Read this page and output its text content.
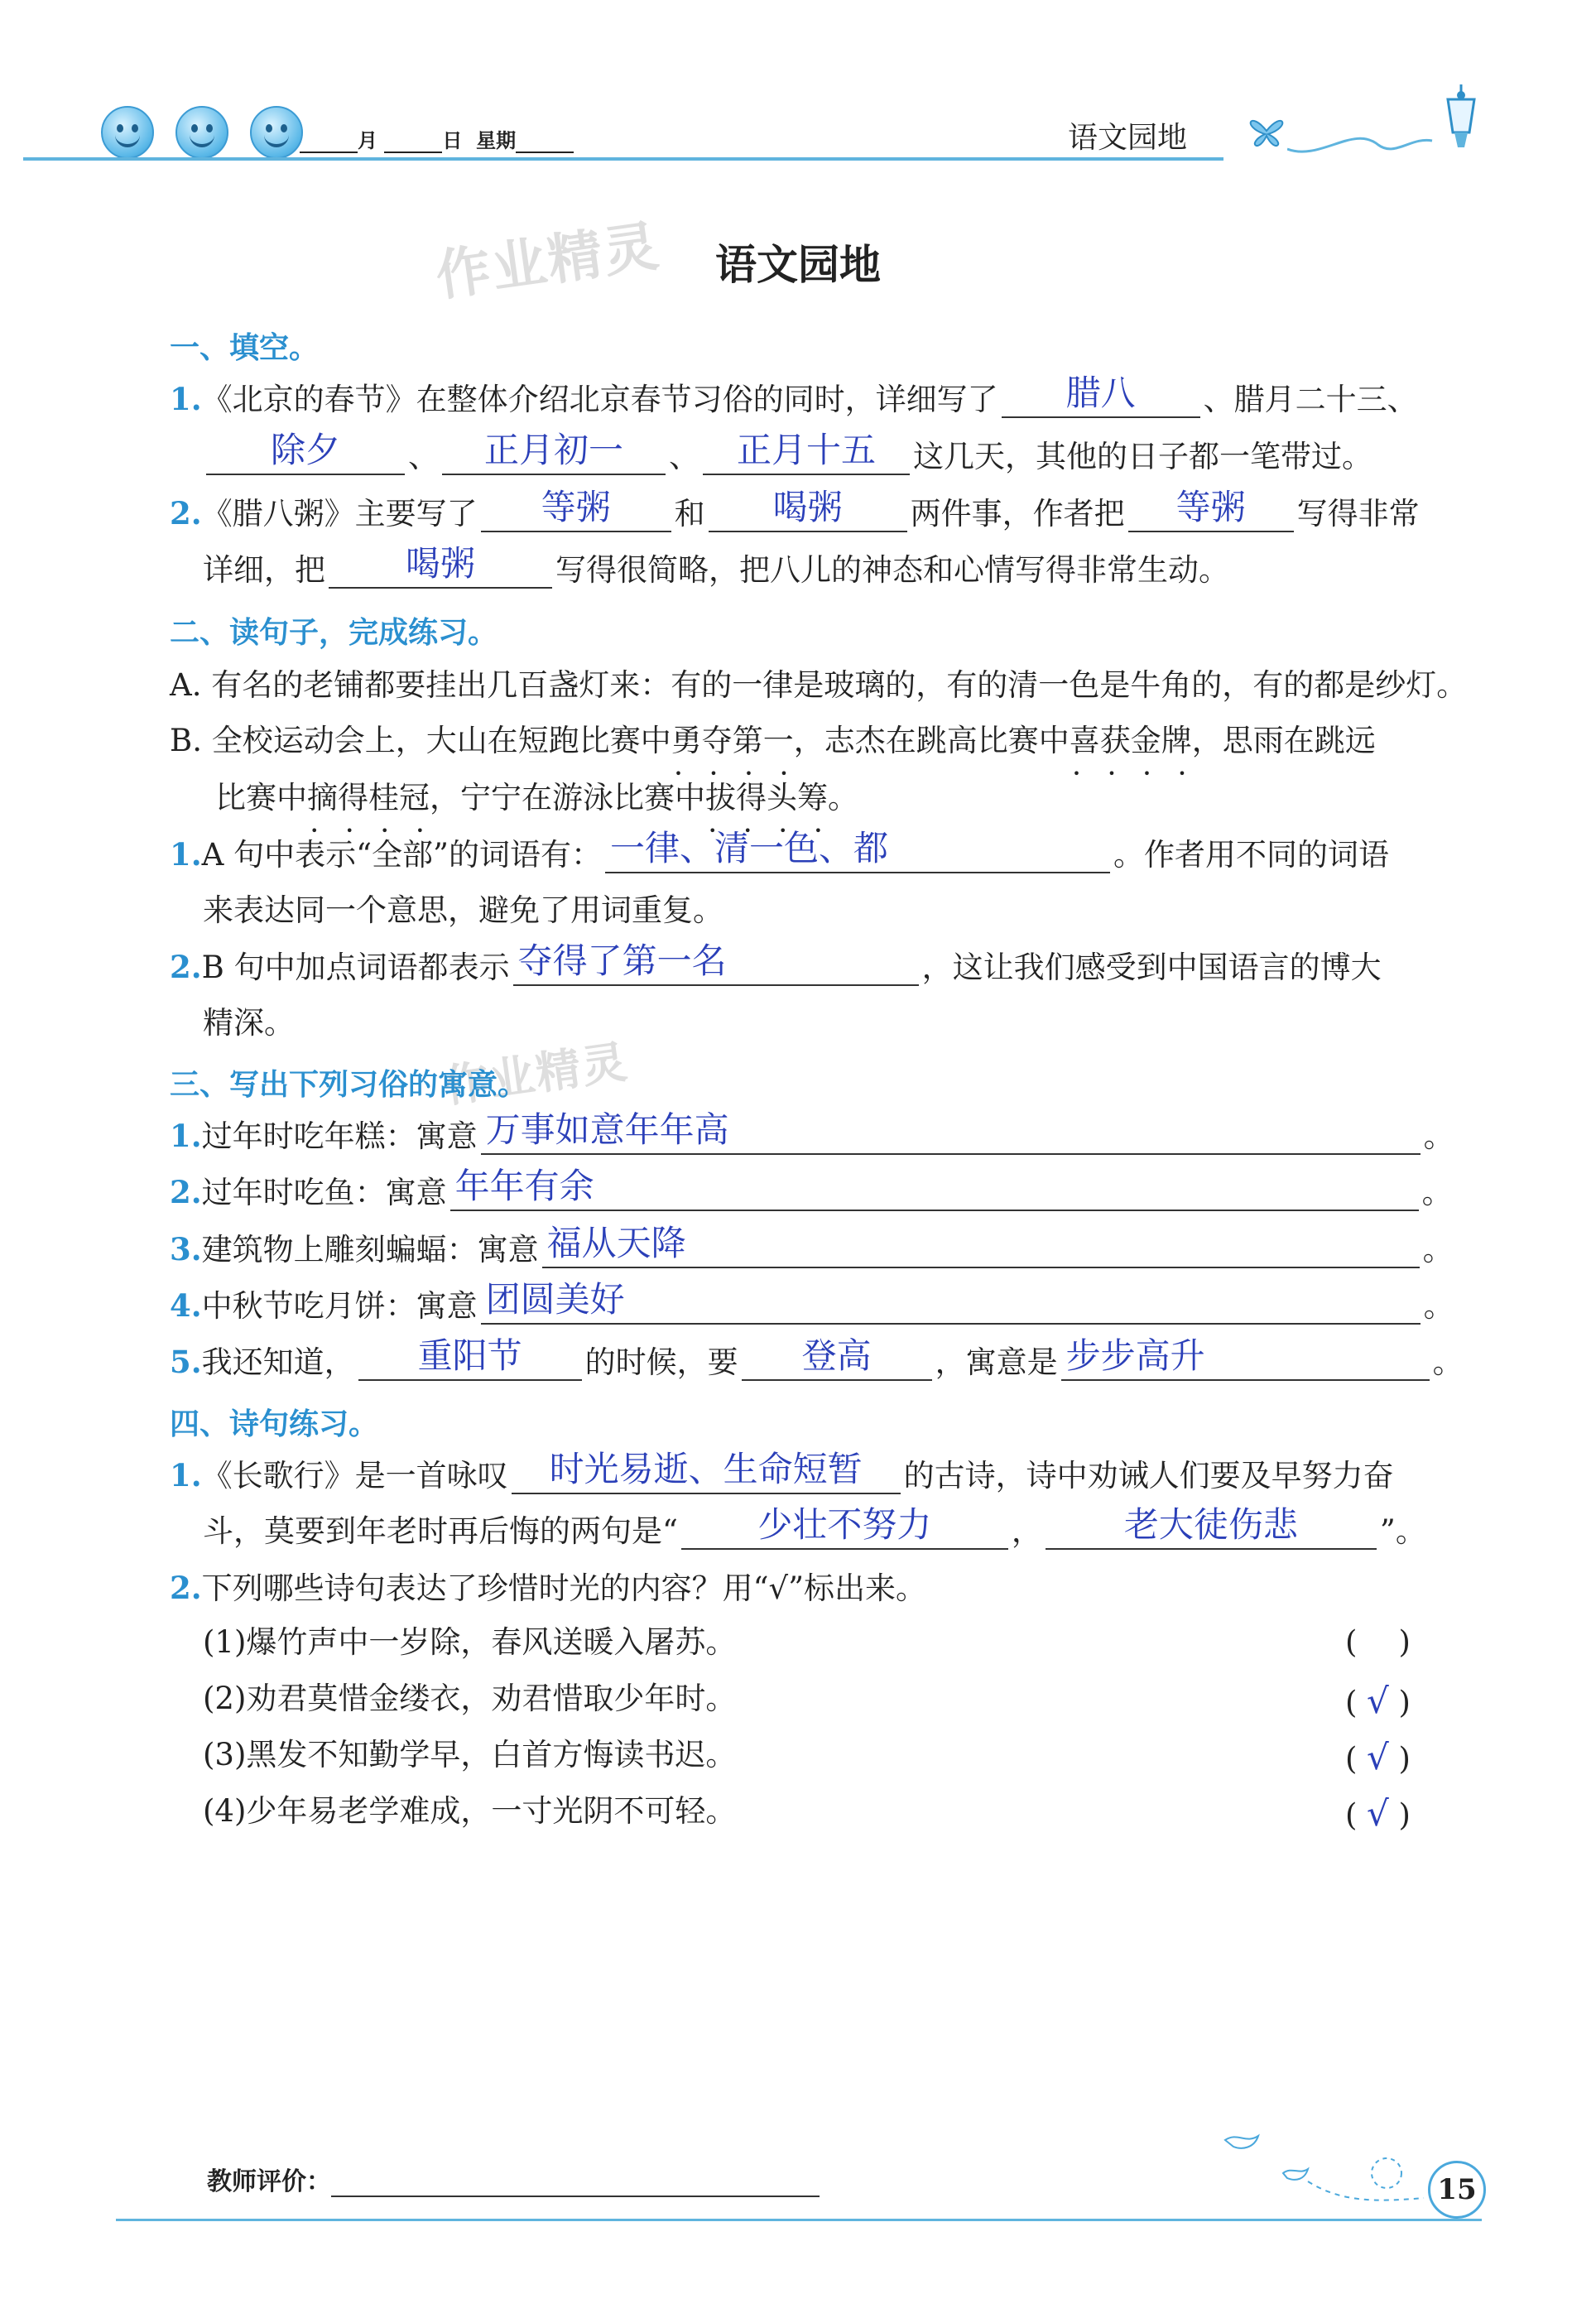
月	日 星期	语文园地
作业精灵
作业精灵
语文园地
一、填空。
1.《北京的春节》在整体介绍北京春节习俗的同时，详细写了	腊八	、腊月二十三、
除夕	、	正月初一	、	正月十五	这几天，其他的日子都一笔带过。
2.《腊八粥》主要写了	等粥	和	喝粥	两件事，作者把	等粥	写得非常
详细，把	喝粥	写得很简略，把八儿的神态和心情写得非常生动。
二、读句子，完成练习。
A. 有名的老铺都要挂出几百盏灯来：有的一律是玻璃的，有的清一色是牛角的，有的都是纱灯。
B. 全校运动会上，大山在短跑比赛中勇夺第一 • • • •，志杰在跳高比赛中喜获金牌 • • • •，思雨在跳远
比赛中摘得桂冠 • • • •，宁宁在游泳比赛中拔得头筹 • • • •。
1.A 句中表示“全部”的词语有： 一律、清一色、都	。作者用不同的词语
来表达同一个意思，避免了用词重复。
2.B 句中加点词语都表示 夺得了第一名	，这让我们感受到中国语言的博大
精深。
三、写出下列习俗的寓意。
1.过年时吃年糕：寓意 万事如意年年高	。
2.过年时吃鱼：寓意 年年有余	。
3.建筑物上雕刻蝙蝠：寓意 福从天降	。
4.中秋节吃月饼：寓意 团圆美好	。
5.我还知道，	重阳节	的时候，要	登高	，寓意是 步步高升	。
四、诗句练习。
1.《长歌行》是一首咏叹	时光易逝、生命短暂	的古诗，诗中劝诫人们要及早努力奋
斗，莫要到年老时再后悔的两句是“	少壮不努力	，	老大徒伤悲	”。
2.下列哪些诗句表达了珍惜时光的内容？用“√”标出来。
(1)爆竹声中一岁除，春风送暖入屠苏。	( )
(2)劝君莫惜金缕衣，劝君惜取少年时。	( √ )
(3)黑发不知勤学早，白首方悔读书迟。	( √ )
(4)少年易老学难成，一寸光阴不可轻。	( √ )
教师评价：	15
